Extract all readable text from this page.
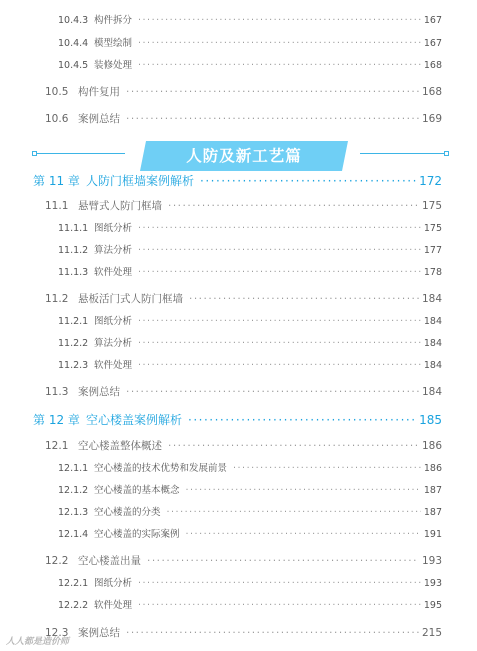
10.4.3 构件拆分 ·····	167
10.4.4 模型绘制 ·····	167
10.4.5 装修处理 ·····	168
10.5 构件复用 ·····	168
10.6 案例总结 ·····	169
人防及新工艺篇
第 11 章 人防门框墙案例解析 ·····	172
11.1 悬臂式人防门框墙 ·····	175
11.1.1 图纸分析 ·····	175
11.1.2 算法分析 ·····	177
11.1.3 软件处理 ·····	178
11.2 悬板活门式人防门框墙 ·····	184
11.2.1 图纸分析 ·····	184
11.2.2 算法分析 ·····	184
11.2.3 软件处理 ·····	184
11.3 案例总结 ·····	184
第 12 章 空心楼盖案例解析 ·····	185
12.1 空心楼盖整体概述 ·····	186
12.1.1 空心楼盖的技术优势和发展前景 ·····	186
12.1.2 空心楼盖的基本概念 ·····	187
12.1.3 空心楼盖的分类 ·····	187
12.1.4 空心楼盖的实际案例 ·····	191
12.2 空心楼盖出量 ·····	193
12.2.1 图纸分析 ·····	193
12.2.2 软件处理 ·····	195
12.3 案例总结 ·····	215
人人都是造价师
